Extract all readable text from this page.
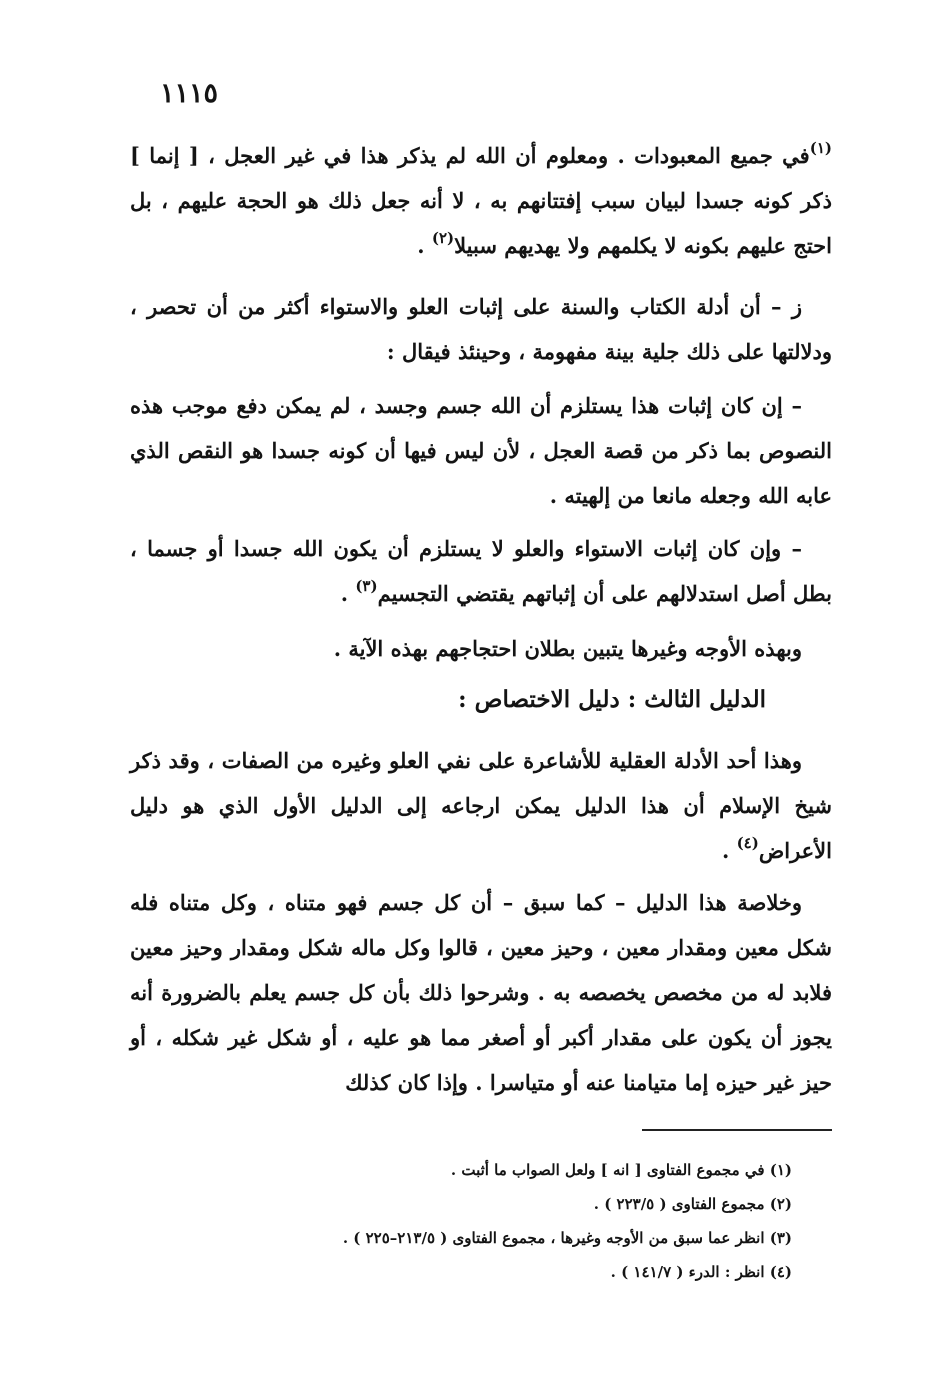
١١١٥

$^{(١)}$في جميع المعبودات . ومعلوم أن الله لم يذكر هذا في غير العجل ، [ إنما ] ذكر كونه جسدا لبيان سبب إفتتانهم به ، لا أنه جعل ذلك هو الحجة عليهم ، بل احتج عليهم بكونه لا يكلمهم ولا يهديهم سبيلا$^{(٢)}$ .

ز – أن أدلة الكتاب والسنة على إثبات العلو والاستواء أكثر من أن تحصر ، ودلالتها على ذلك جلية بينة مفهومة ، وحينئذ فيقال :

– إن كان إثبات هذا يستلزم أن الله جسم وجسد ، لم يمكن دفع موجب هذه النصوص بما ذكر من قصة العجل ، لأن ليس فيها أن كونه جسدا هو النقص الذي عابه الله وجعله مانعا من إلهيته .

– وإن كان إثبات الاستواء والعلو لا يستلزم أن يكون الله جسدا أو جسما ، بطل أصل استدلالهم على أن إثباتهم يقتضي التجسيم$^{(٣)}$ .

وبهذه الأوجه وغيرها يتبين بطلان احتجاجهم بهذه الآية .

الدليل الثالث : دليل الاختصاص :

وهذا أحد الأدلة العقلية للأشاعرة على نفي العلو وغيره من الصفات ، وقد ذكر شيخ الإسلام أن هذا الدليل يمكن ارجاعه إلى الدليل الأول الذي هو دليل الأعراض$^{(٤)}$ .

وخلاصة هذا الدليل – كما سبق – أن كل جسم فهو متناه ، وكل متناه فله شكل معين ومقدار معين ، وحيز معين ، قالوا وكل ماله شكل ومقدار وحيز معين فلابد له من مخصص يخصصه به . وشرحوا ذلك بأن كل جسم يعلم بالضرورة أنه يجوز أن يكون على مقدار أكبر أو أصغر مما هو عليه ، أو شكل غير شكله ، أو حيز غير حيزه إما متيامنا عنه أو متياسرا . وإذا كان كذلك

(١) في مجموع الفتاوى [ انه ] ولعل الصواب ما أثبت .
(٢) مجموع الفتاوى ( ٢٢٣/٥ ) .
(٣) انظر عما سبق من الأوجه وغيرها ، مجموع الفتاوى ( ٢١٣/٥–٢٢٥ ) .
(٤) انظر : الدرء ( ١٤١/٧ ) .
